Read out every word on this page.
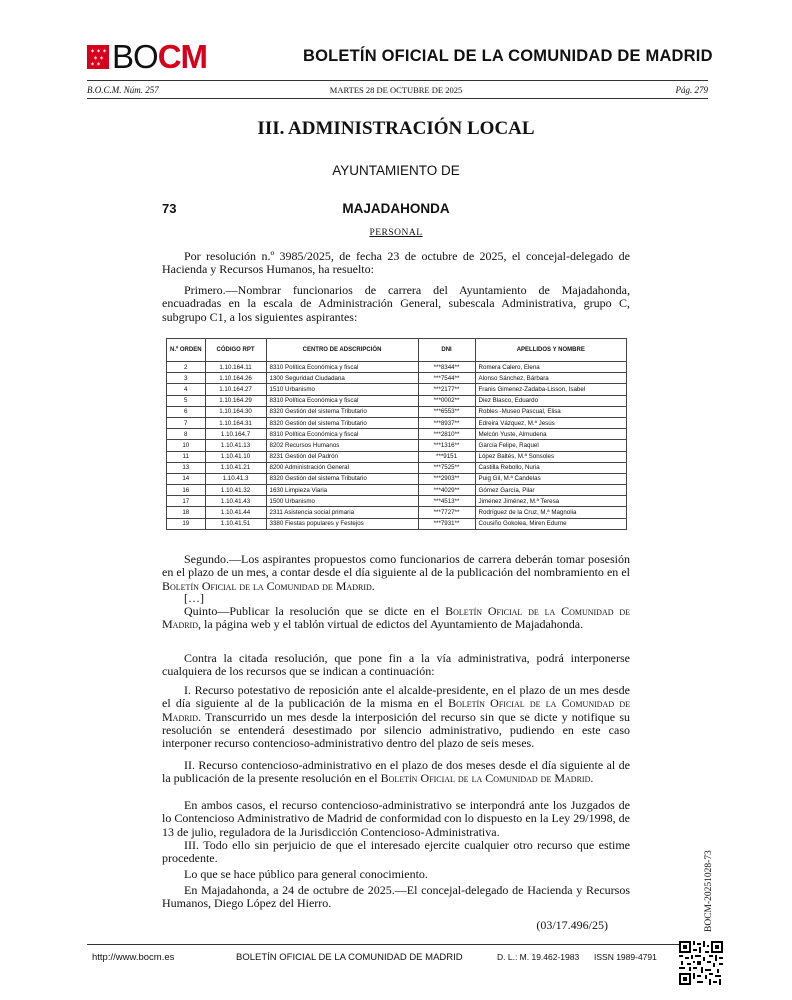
✶ ✶ ✶
✶ ✶
✶ ✶ BOCM	BOLETÍN OFICIAL DE LA COMUNIDAD DE MADRID
B.O.C.M. Núm. 257	MARTES 28 DE OCTUBRE DE 2025	Pág. 279
III. ADMINISTRACIÓN LOCAL
AYUNTAMIENTO DE
73	MAJADAHONDA
PERSONAL
Por resolución n.º 3985/2025, de fecha 23 de octubre de 2025, el concejal-delegado de Hacienda y Recursos Humanos, ha resuelto:
Primero.—Nombrar funcionarios de carrera del Ayuntamiento de Majadahonda, encuadradas en la escala de Administración General, subescala Administrativa, grupo C, subgrupo C1, a los siguientes aspirantes:
N.º ORDEN	CÓDIGO RPT	CENTRO DE ADSCRIPCIÓN	DNI	APELLIDOS Y NOMBRE
2	1.10.164.11	8310 Política Económica y fiscal	***8344**	Romera Calero, Elena
3	1.10.164.26	1300 Seguridad Ciudadana	***7544**	Alonso Sánchez, Bárbara
4	1.10.164.27	1510 Urbanismo	***2177**	Franis Gimenez-Zadaba-Lisson, Isabel
5	1.10.164.29	8310 Política Económica y fiscal	***0002**	Diez Blasco, Eduardo
6	1.10.164.30	8320 Gestión del sistema Tributario	***6553**	Robles -Museo Pascual, Elisa
7	1.10.164.31	8320 Gestión del sistema Tributario	***8937**	Edreira Vázquez, M.ª Jesús
8	1.10.164.7	8310 Política Económica y fiscal	***2810**	Melcón Yuste, Almudena
10	1.10.41.13	8202 Recursos Humanos	***1316**	García Felipe, Raquel
11	1.10.41.10	8231 Gestión del Padrón	***9151	López Baltés, M.ª Sonsoles
13	1.10.41.21	8200 Administración General	***7525**	Castilla Rebollo, Nuria
14	1.10.41.3	8320 Gestión del sistema Tributario	***2903**	Puig Gil, M.ª Candelas
16	1.10.41.32	1630 Limpieza Viaria	***4029**	Gómez García, Pilar
17	1.10.41.43	1500 Urbanismo	***4513**	Jiménez Jiménez, M.ª Teresa
18	1.10.41.44	2311 Asistencia social primaria	***7727**	Rodríguez de la Cruz, M.ª Magnolia
19	1.10.41.51	3380 Fiestas populares y Festejos	***7931**	Cousiño Gokolea, Miren Edurne
Segundo.—Los aspirantes propuestos como funcionarios de carrera deberán tomar posesión en el plazo de un mes, a contar desde el día siguiente al de la publicación del nombramiento en el Boletín Oficial de la Comunidad de Madrid.
[…]
Quinto—Publicar la resolución que se dicte en el Boletín Oficial de la Comunidad de Madrid, la página web y el tablón virtual de edictos del Ayuntamiento de Majadahonda.
Contra la citada resolución, que pone fin a la vía administrativa, podrá interponerse cualquiera de los recursos que se indican a continuación:
I. Recurso potestativo de reposición ante el alcalde-presidente, en el plazo de un mes desde el día siguiente al de la publicación de la misma en el Boletín Oficial de la Comunidad de Madrid. Transcurrido un mes desde la interposición del recurso sin que se dicte y notifique su resolución se entenderá desestimado por silencio administrativo, pudiendo en este caso interponer recurso contencioso-administrativo dentro del plazo de seis meses.
II. Recurso contencioso-administrativo en el plazo de dos meses desde el día siguiente al de la publicación de la presente resolución en el Boletín Oficial de la Comunidad de Madrid.
En ambos casos, el recurso contencioso-administrativo se interpondrá ante los Juzgados de lo Contencioso Administrativo de Madrid de conformidad con lo dispuesto en la Ley 29/1998, de 13 de julio, reguladora de la Jurisdicción Contencioso-Administrativa.
III. Todo ello sin perjuicio de que el interesado ejercite cualquier otro recurso que estime procedente.
Lo que se hace público para general conocimiento.
En Majadahonda, a 24 de octubre de 2025.—El concejal-delegado de Hacienda y Recursos Humanos, Diego López del Hierro.
(03/17.496/25)	BOCM-20251028-73
http://www.bocm.es	BOLETÍN OFICIAL DE LA COMUNIDAD DE MADRID	D. L.: M. 19.462-1983 ISSN 1989-4791
